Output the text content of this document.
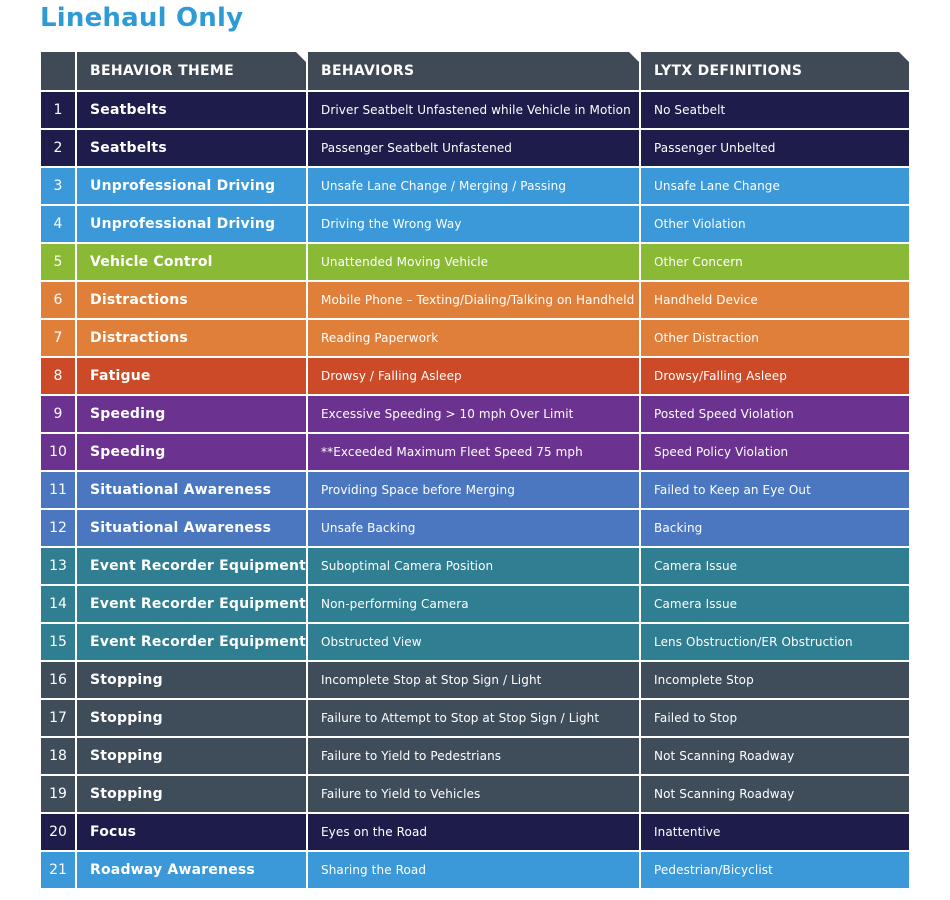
Linehaul Only
	BEHAVIOR THEME	BEHAVIORS	LYTX DEFINITIONS
1	Seatbelts	Driver Seatbelt Unfastened while Vehicle in Motion	No Seatbelt
2	Seatbelts	Passenger Seatbelt Unfastened	Passenger Unbelted
3	Unprofessional Driving	Unsafe Lane Change / Merging / Passing	Unsafe Lane Change
4	Unprofessional Driving	Driving the Wrong Way	Other Violation
5	Vehicle Control	Unattended Moving Vehicle	Other Concern
6	Distractions	Mobile Phone – Texting/Dialing/Talking on Handheld	Handheld Device
7	Distractions	Reading Paperwork	Other Distraction
8	Fatigue	Drowsy / Falling Asleep	Drowsy/Falling Asleep
9	Speeding	Excessive Speeding > 10 mph Over Limit	Posted Speed Violation
10	Speeding	**Exceeded Maximum Fleet Speed 75 mph	Speed Policy Violation
11	Situational Awareness	Providing Space before Merging	Failed to Keep an Eye Out
12	Situational Awareness	Unsafe Backing	Backing
13	Event Recorder Equipment	Suboptimal Camera Position	Camera Issue
14	Event Recorder Equipment	Non-performing Camera	Camera Issue
15	Event Recorder Equipment	Obstructed View	Lens Obstruction/ER Obstruction
16	Stopping	Incomplete Stop at Stop Sign / Light	Incomplete Stop
17	Stopping	Failure to Attempt to Stop at Stop Sign / Light	Failed to Stop
18	Stopping	Failure to Yield to Pedestrians	Not Scanning Roadway
19	Stopping	Failure to Yield to Vehicles	Not Scanning Roadway
20	Focus	Eyes on the Road	Inattentive
21	Roadway Awareness	Sharing the Road	Pedestrian/Bicyclist
